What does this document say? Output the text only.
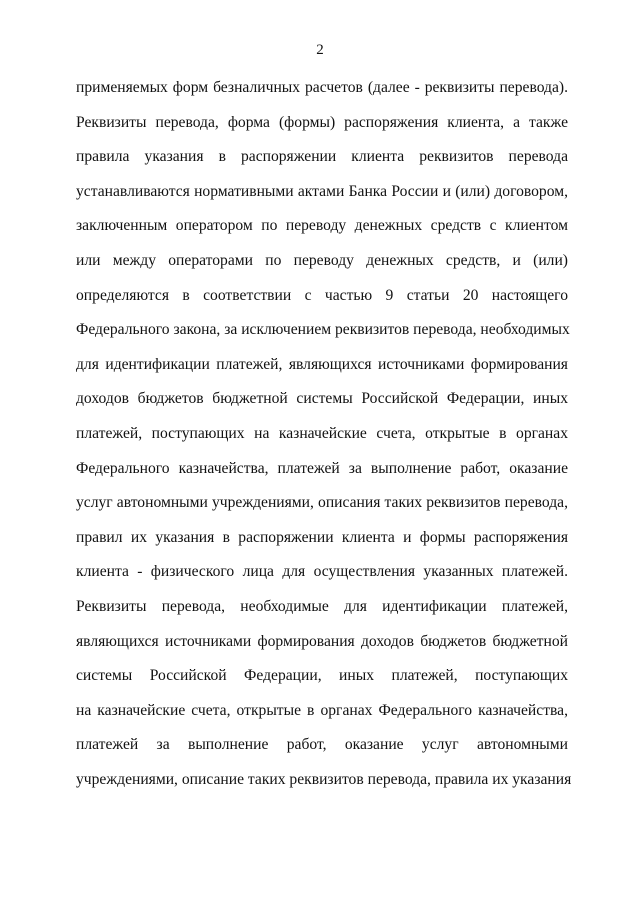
2
применяемых форм безналичных расчетов (далее - реквизиты перевода).
Реквизиты перевода, форма (формы) распоряжения клиента, а также
правила указания в распоряжении клиента реквизитов перевода
устанавливаются нормативными актами Банка России и (или) договором,
заключенным оператором по переводу денежных средств с клиентом
или между операторами по переводу денежных средств, и (или)
определяются в соответствии с частью 9 статьи 20 настоящего
Федерального закона, за исключением реквизитов перевода, необходимых
для идентификации платежей, являющихся источниками формирования
доходов бюджетов бюджетной системы Российской Федерации, иных
платежей, поступающих на казначейские счета, открытые в органах
Федерального казначейства, платежей за выполнение работ, оказание
услуг автономными учреждениями, описания таких реквизитов перевода,
правил их указания в распоряжении клиента и формы распоряжения
клиента - физического лица для осуществления указанных платежей.
Реквизиты перевода, необходимые для идентификации платежей,
являющихся источниками формирования доходов бюджетов бюджетной
системы Российской Федерации, иных платежей, поступающих
на казначейские счета, открытые в органах Федерального казначейства,
платежей за выполнение работ, оказание услуг автономными
учреждениями, описание таких реквизитов перевода, правила их указания
